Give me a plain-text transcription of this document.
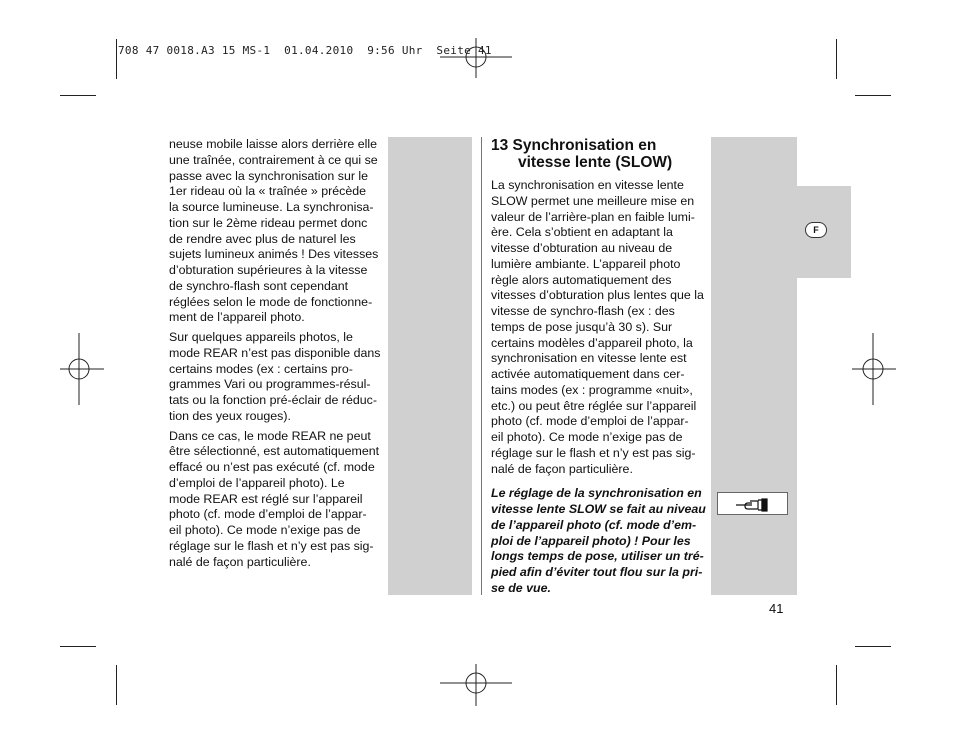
708 47 0018.A3 15 MS-1  01.04.2010  9:56 Uhr  Seite 41
F

neuse mobile laisse alors derrière elle
une traînée, contrairement à ce qui se
passe avec la synchronisation sur le
1er rideau où la « traînée » précède
la source lumineuse. La synchronisa-
tion sur le 2ème rideau permet donc
de rendre avec plus de naturel les
sujets lumineux animés ! Des vitesses
d’obturation supérieures à la vitesse
de synchro-flash sont cependant
réglées selon le mode de fonctionne-
ment de l’appareil photo.

Sur quelques appareils photos, le
mode REAR n’est pas disponible dans
certains modes (ex : certains pro-
grammes Vari ou programmes-résul-
tats ou la fonction pré-éclair de réduc-
tion des yeux rouges).

Dans ce cas, le mode REAR ne peut
être sélectionné, est automatiquement
effacé ou n’est pas exécuté (cf. mode
d’emploi de l’appareil photo). Le
mode REAR est réglé sur l’appareil
photo (cf. mode d’emploi de l’appar-
eil photo). Ce mode n’exige pas de
réglage sur le flash et n’y est pas sig-
nalé de façon particulière.

13 Synchronisation en
vitesse lente (SLOW)

La synchronisation en vitesse lente
SLOW permet une meilleure mise en
valeur de l’arrière-plan en faible lumi-
ère. Cela s’obtient en adaptant la
vitesse d’obturation au niveau de
lumière ambiante. L’appareil photo
règle alors automatiquement des
vitesses d’obturation plus lentes que la
vitesse de synchro-flash (ex : des
temps de pose jusqu’à 30 s). Sur
certains modèles d’appareil photo, la
synchronisation en vitesse lente est
activée automatiquement dans cer-
tains modes (ex : programme «nuit»,
etc.) ou peut être réglée sur l’appareil
photo (cf. mode d’emploi de l’appar-
eil photo). Ce mode n’exige pas de
réglage sur le flash et n’y est pas sig-
nalé de façon particulière.

Le réglage de la synchronisation en
vitesse lente SLOW se fait au niveau
de l’appareil photo (cf. mode d’em-
ploi de l’appareil photo) ! Pour les
longs temps de pose, utiliser un tré-
pied afin d’éviter tout flou sur la pri-
se de vue.

41
